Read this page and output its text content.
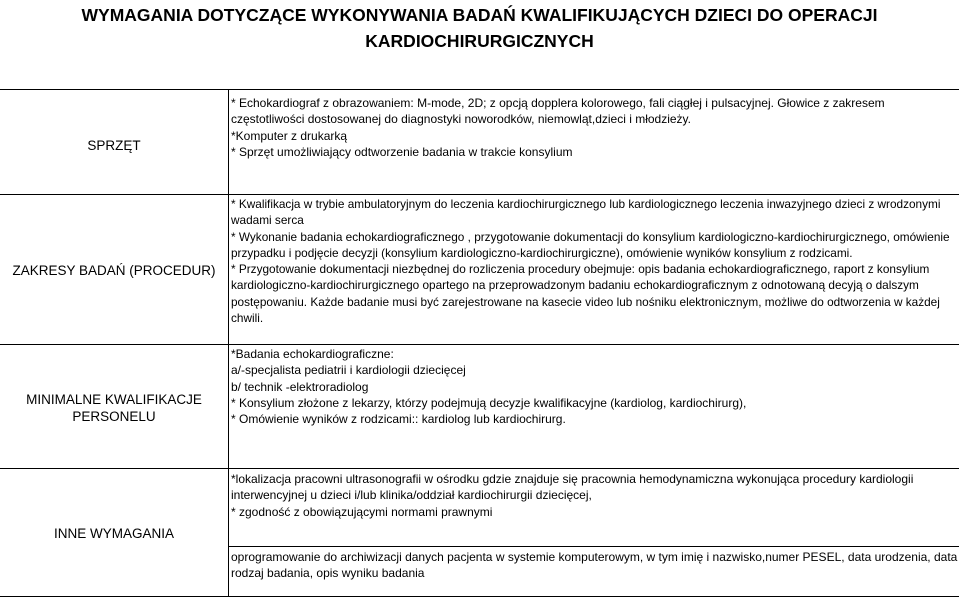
WYMAGANIA DOTYCZĄCE WYKONYWANIA BADAŃ KWALIFIKUJĄCYCH DZIECI DO OPERACJI
KARDIOCHIRURGICZNYCH
SPRZĘT

* Echokardiograf z obrazowaniem: M-mode, 2D; z opcją dopplera kolorowego, fali ciągłej i pulsacyjnej. Głowice z zakresem

częstotliwości dostosowanej do diagnostyki noworodków, niemowląt,dzieci i młodzieży.

*Komputer z drukarką

* Sprzęt umożliwiający odtworzenie badania w trakcie konsylium

ZAKRESY BADAŃ (PROCEDUR)

* Kwalifikacja w trybie ambulatoryjnym do leczenia kardiochirurgicznego lub kardiologicznego leczenia inwazyjnego dzieci z wrodzonymi

wadami serca

* Wykonanie badania echokardiograficznego , przygotowanie dokumentacji do konsylium kardiologiczno-kardiochirurgicznego, omówienie

przypadku i podjęcie decyzji (konsylium kardiologiczno-kardiochirurgiczne), omówienie wyników konsylium z rodzicami.

* Przygotowanie dokumentacji niezbędnej do rozliczenia procedury obejmuje: opis badania echokardiograficznego, raport z konsylium

kardiologiczno-kardiochirurgicznego opartego na przeprowadzonym badaniu echokardiograficznym z odnotowaną decyją o dalszym

postępowaniu. Każde badanie musi być zarejestrowane na kasecie video lub nośniku elektronicznym, możliwe do odtworzenia w każdej

chwili.

MINIMALNE KWALIFIKACJE
PERSONELU

*Badania echokardiograficzne:

a/-specjalista pediatrii i kardiologii dziecięcej

b/ technik -elektroradiolog

* Konsylium złożone z lekarzy, którzy podejmują decyzje kwalifikacyjne (kardiolog, kardiochirurg),

* Omówienie wyników z rodzicami:: kardiolog lub kardiochirurg.

INNE WYMAGANIA

*lokalizacja pracowni ultrasonografii w ośrodku gdzie znajduje się pracownia hemodynamiczna wykonująca procedury kardiologii

interwencyjnej u dzieci i/lub klinika/oddział kardiochirurgii dziecięcej,

* zgodność z obowiązującymi normami prawnymi

oprogramowanie do archiwizacji danych pacjenta w systemie komputerowym, w tym imię i nazwisko,numer PESEL, data urodzenia, data

rodzaj badania, opis wyniku badania
